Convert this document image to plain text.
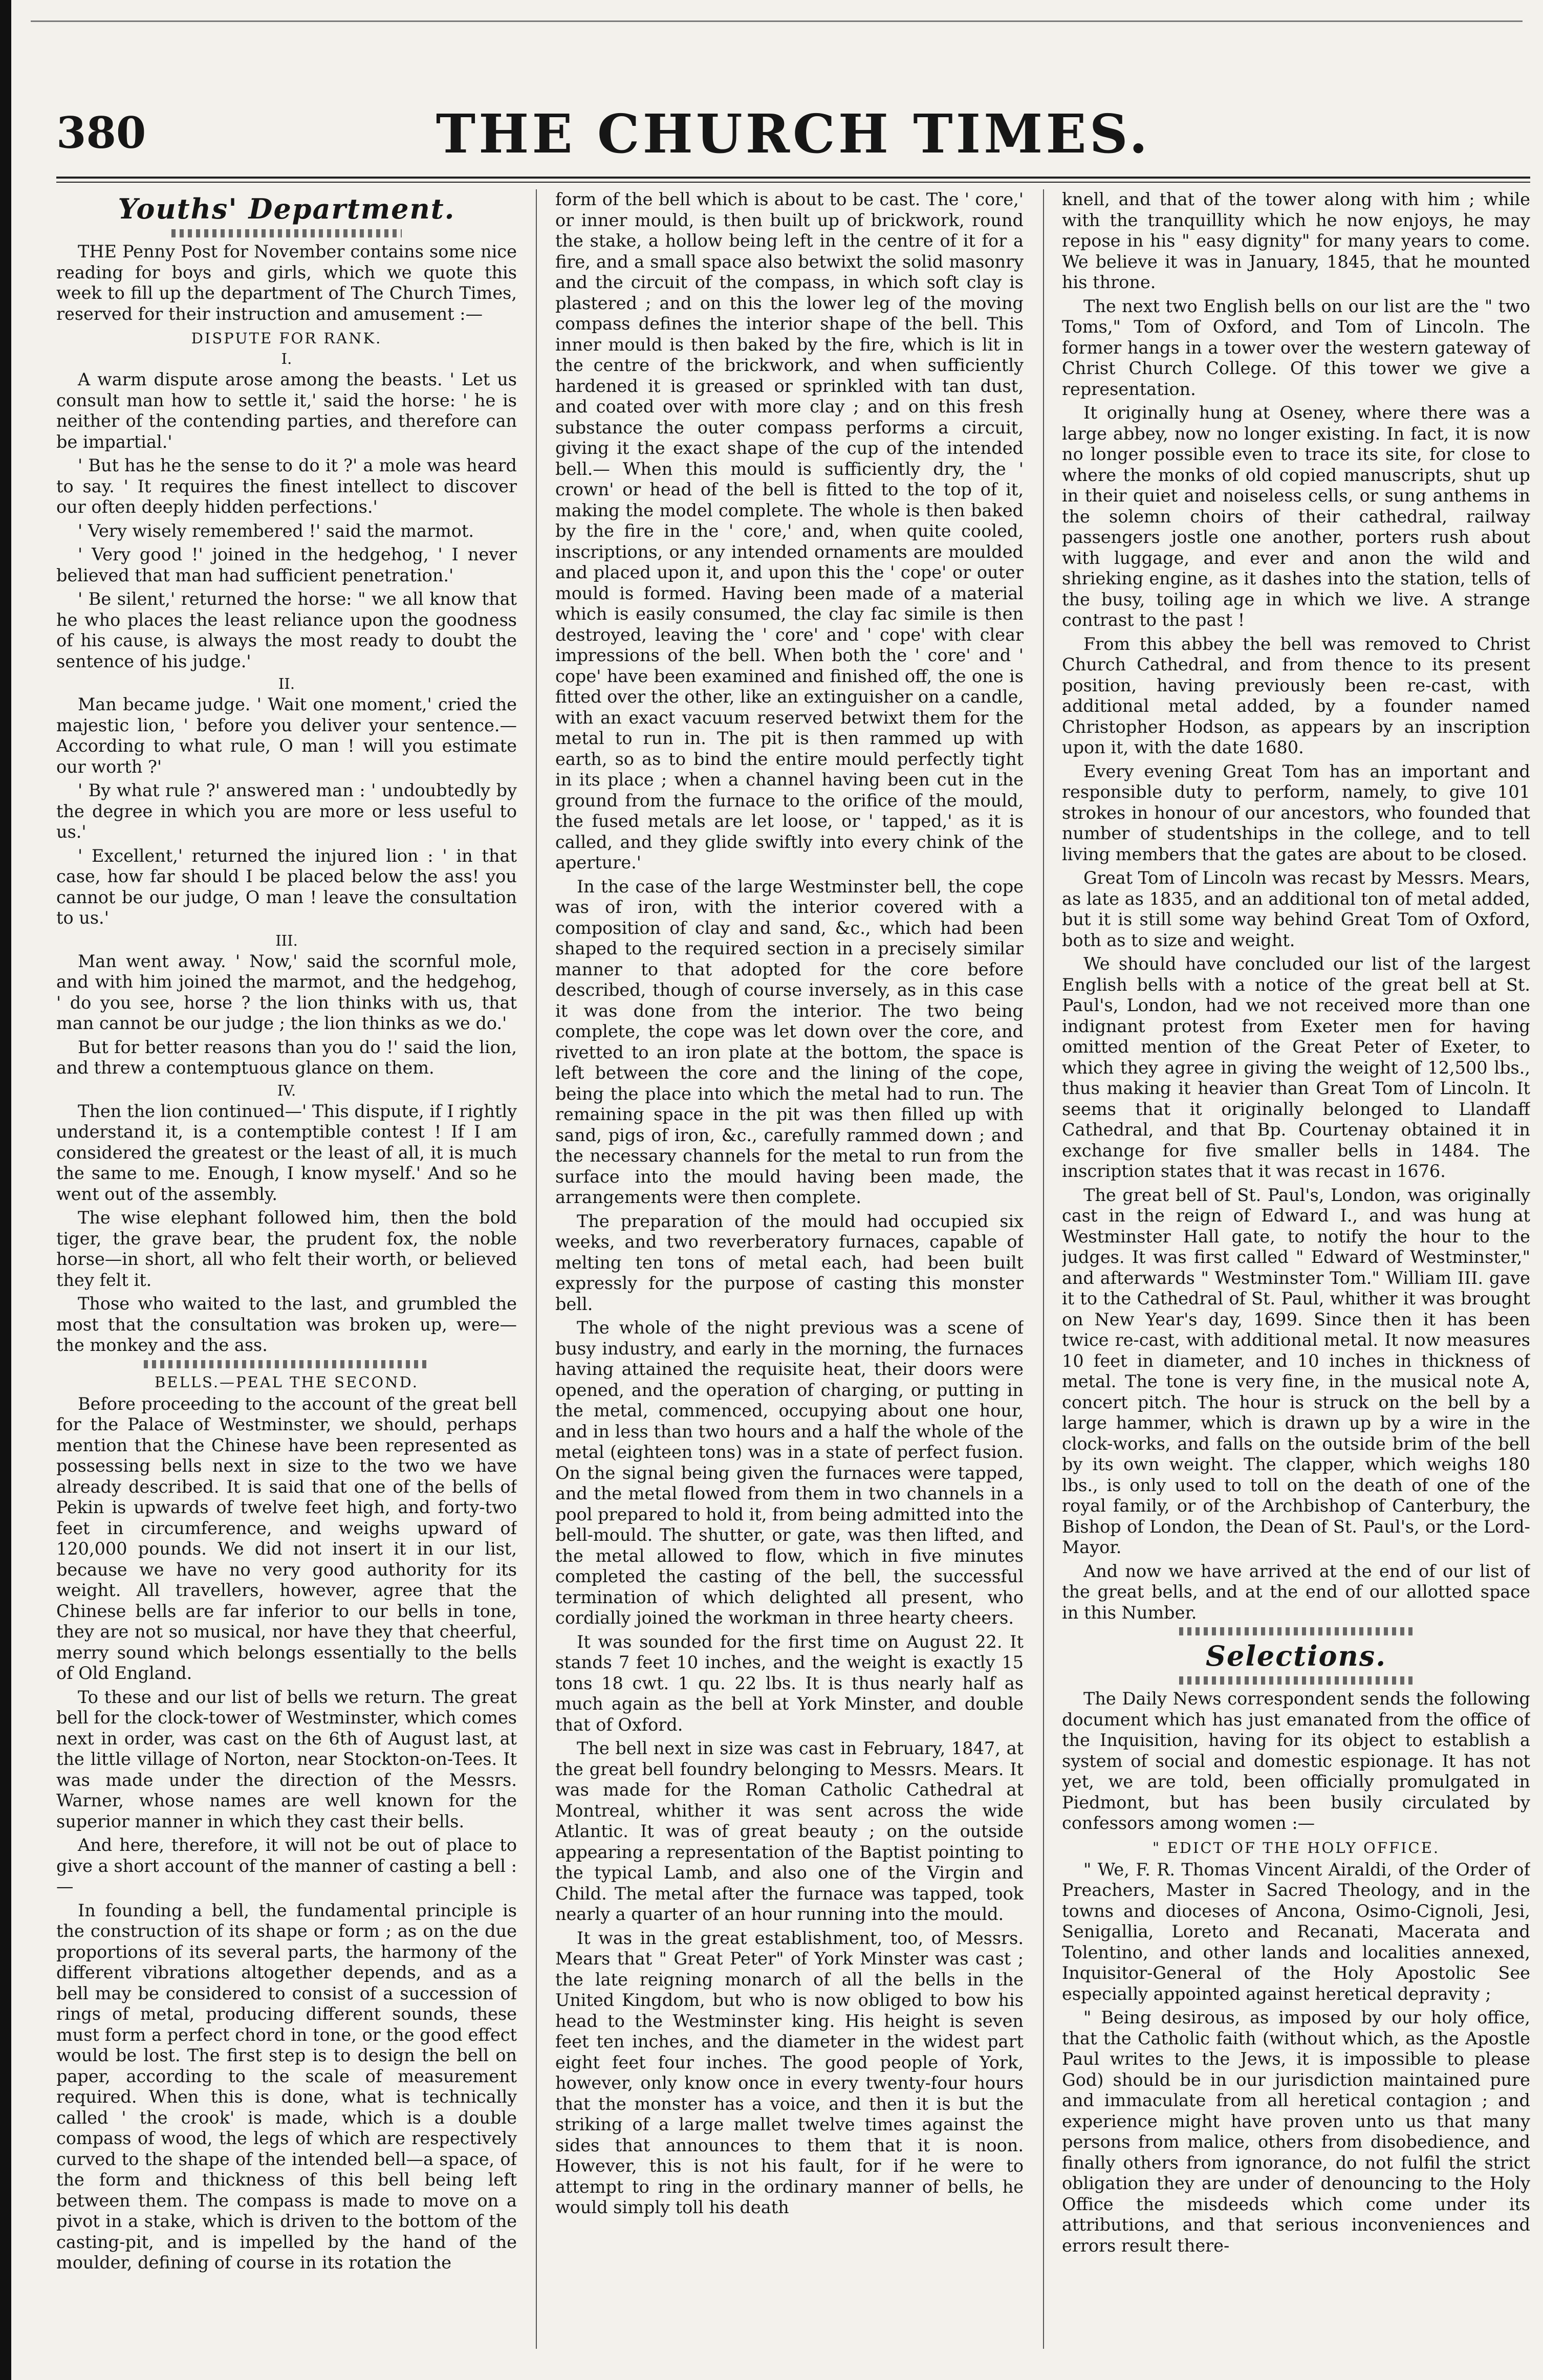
380	THE CHURCH TIMES.
Youths' Department.

THE Penny Post for November contains some nice reading for boys and girls, which we quote this week to fill up the department of The Church Times, reserved for their instruction and amusement :—

DISPUTE FOR RANK.
I.

A warm dispute arose among the beasts. ' Let us consult man how to settle it,' said the horse: ' he is neither of the contending parties, and therefore can be impartial.'

' But has he the sense to do it ?' a mole was heard to say. ' It requires the finest intellect to discover our often deeply hidden perfections.'

' Very wisely remembered !' said the marmot.

' Very good !' joined in the hedgehog, ' I never believed that man had sufficient penetration.'

' Be silent,' returned the horse: " we all know that he who places the least reliance upon the goodness of his cause, is always the most ready to doubt the sentence of his judge.'

II.

Man became judge. ' Wait one moment,' cried the majestic lion, ' before you deliver your sentence.— According to what rule, O man ! will you estimate our worth ?'

' By what rule ?' answered man : ' undoubtedly by the degree in which you are more or less useful to us.'

' Excellent,' returned the injured lion : ' in that case, how far should I be placed below the ass! you cannot be our judge, O man ! leave the consultation to us.'

III.

Man went away. ' Now,' said the scornful mole, and with him joined the marmot, and the hedgehog, ' do you see, horse ? the lion thinks with us, that man cannot be our judge ; the lion thinks as we do.'

But for better reasons than you do !' said the lion, and threw a contemptuous glance on them.

IV.

Then the lion continued—' This dispute, if I rightly understand it, is a contemptible contest ! If I am considered the greatest or the least of all, it is much the same to me. Enough, I know myself.' And so he went out of the assembly.

The wise elephant followed him, then the bold tiger, the grave bear, the prudent fox, the noble horse—in short, all who felt their worth, or believed they felt it.

Those who waited to the last, and grumbled the most that the consultation was broken up, were—the monkey and the ass.

BELLS.—PEAL THE SECOND.

Before proceeding to the account of the great bell for the Palace of Westminster, we should, perhaps mention that the Chinese have been represented as possessing bells next in size to the two we have already described. It is said that one of the bells of Pekin is upwards of twelve feet high, and forty-two feet in circumference, and weighs upward of 120,000 pounds. We did not insert it in our list, because we have no very good authority for its weight. All travellers, however, agree that the Chinese bells are far inferior to our bells in tone, they are not so musical, nor have they that cheerful, merry sound which belongs essentially to the bells of Old England.

To these and our list of bells we return. The great bell for the clock-tower of Westminster, which comes next in order, was cast on the 6th of August last, at the little village of Norton, near Stockton-on-Tees. It was made under the direction of the Messrs. Warner, whose names are well known for the superior manner in which they cast their bells.

And here, therefore, it will not be out of place to give a short account of the manner of casting a bell :—

In founding a bell, the fundamental principle is the construction of its shape or form ; as on the due proportions of its several parts, the harmony of the different vibrations altogether depends, and as a bell may be considered to consist of a succession of rings of metal, producing different sounds, these must form a perfect chord in tone, or the good effect would be lost. The first step is to design the bell on paper, according to the scale of measurement required. When this is done, what is technically called ' the crook' is made, which is a double compass of wood, the legs of which are respectively curved to the shape of the intended bell—a space, of the form and thickness of this bell being left between them. The compass is made to move on a pivot in a stake, which is driven to the bottom of the casting-pit, and is impelled by the hand of the moulder, defining of course in its rotation the

form of the bell which is about to be cast. The ' core,' or inner mould, is then built up of brickwork, round the stake, a hollow being left in the centre of it for a fire, and a small space also betwixt the solid masonry and the circuit of the compass, in which soft clay is plastered ; and on this the lower leg of the moving compass defines the interior shape of the bell. This inner mould is then baked by the fire, which is lit in the centre of the brickwork, and when sufficiently hardened it is greased or sprinkled with tan dust, and coated over with more clay ; and on this fresh substance the outer compass performs a circuit, giving it the exact shape of the cup of the intended bell.— When this mould is sufficiently dry, the ' crown' or head of the bell is fitted to the top of it, making the model complete. The whole is then baked by the fire in the ' core,' and, when quite cooled, inscriptions, or any intended ornaments are moulded and placed upon it, and upon this the ' cope' or outer mould is formed. Having been made of a material which is easily consumed, the clay fac simile is then destroyed, leaving the ' core' and ' cope' with clear impressions of the bell. When both the ' core' and ' cope' have been examined and finished off, the one is fitted over the other, like an extinguisher on a candle, with an exact vacuum reserved betwixt them for the metal to run in. The pit is then rammed up with earth, so as to bind the entire mould perfectly tight in its place ; when a channel having been cut in the ground from the furnace to the orifice of the mould, the fused metals are let loose, or ' tapped,' as it is called, and they glide swiftly into every chink of the aperture.'

In the case of the large Westminster bell, the cope was of iron, with the interior covered with a composition of clay and sand, &c., which had been shaped to the required section in a precisely similar manner to that adopted for the core before described, though of course inversely, as in this case it was done from the interior. The two being complete, the cope was let down over the core, and rivetted to an iron plate at the bottom, the space is left between the core and the lining of the cope, being the place into which the metal had to run. The remaining space in the pit was then filled up with sand, pigs of iron, &c., carefully rammed down ; and the necessary channels for the metal to run from the surface into the mould having been made, the arrangements were then complete.

The preparation of the mould had occupied six weeks, and two reverberatory furnaces, capable of melting ten tons of metal each, had been built expressly for the purpose of casting this monster bell.

The whole of the night previous was a scene of busy industry, and early in the morning, the furnaces having attained the requisite heat, their doors were opened, and the operation of charging, or putting in the metal, commenced, occupying about one hour, and in less than two hours and a half the whole of the metal (eighteen tons) was in a state of perfect fusion. On the signal being given the furnaces were tapped, and the metal flowed from them in two channels in a pool prepared to hold it, from being admitted into the bell-mould. The shutter, or gate, was then lifted, and the metal allowed to flow, which in five minutes completed the casting of the bell, the successful termination of which delighted all present, who cordially joined the workman in three hearty cheers.

It was sounded for the first time on August 22. It stands 7 feet 10 inches, and the weight is exactly 15 tons 18 cwt. 1 qu. 22 lbs. It is thus nearly half as much again as the bell at York Minster, and double that of Oxford.

The bell next in size was cast in February, 1847, at the great bell foundry belonging to Messrs. Mears. It was made for the Roman Catholic Cathedral at Montreal, whither it was sent across the wide Atlantic. It was of great beauty ; on the outside appearing a representation of the Baptist pointing to the typical Lamb, and also one of the Virgin and Child. The metal after the furnace was tapped, took nearly a quarter of an hour running into the mould.

It was in the great establishment, too, of Messrs. Mears that " Great Peter" of York Minster was cast ; the late reigning monarch of all the bells in the United Kingdom, but who is now obliged to bow his head to the Westminster king. His height is seven feet ten inches, and the diameter in the widest part eight feet four inches. The good people of York, however, only know once in every twenty-four hours that the monster has a voice, and then it is but the striking of a large mallet twelve times against the sides that announces to them that it is noon. However, this is not his fault, for if he were to attempt to ring in the ordinary manner of bells, he would simply toll his death

knell, and that of the tower along with him ; while with the tranquillity which he now enjoys, he may repose in his " easy dignity" for many years to come. We believe it was in January, 1845, that he mounted his throne.

The next two English bells on our list are the " two Toms," Tom of Oxford, and Tom of Lincoln. The former hangs in a tower over the western gateway of Christ Church College. Of this tower we give a representation.

It originally hung at Oseney, where there was a large abbey, now no longer existing. In fact, it is now no longer possible even to trace its site, for close to where the monks of old copied manuscripts, shut up in their quiet and noiseless cells, or sung anthems in the solemn choirs of their cathedral, railway passengers jostle one another, porters rush about with luggage, and ever and anon the wild and shrieking engine, as it dashes into the station, tells of the busy, toiling age in which we live. A strange contrast to the past !

From this abbey the bell was removed to Christ Church Cathedral, and from thence to its present position, having previously been re-cast, with additional metal added, by a founder named Christopher Hodson, as appears by an inscription upon it, with the date 1680.

Every evening Great Tom has an important and responsible duty to perform, namely, to give 101 strokes in honour of our ancestors, who founded that number of studentships in the college, and to tell living members that the gates are about to be closed.

Great Tom of Lincoln was recast by Messrs. Mears, as late as 1835, and an additional ton of metal added, but it is still some way behind Great Tom of Oxford, both as to size and weight.

We should have concluded our list of the largest English bells with a notice of the great bell at St. Paul's, London, had we not received more than one indignant protest from Exeter men for having omitted mention of the Great Peter of Exeter, to which they agree in giving the weight of 12,500 lbs., thus making it heavier than Great Tom of Lincoln. It seems that it originally belonged to Llandaff Cathedral, and that Bp. Courtenay obtained it in exchange for five smaller bells in 1484. The inscription states that it was recast in 1676.

The great bell of St. Paul's, London, was originally cast in the reign of Edward I., and was hung at Westminster Hall gate, to notify the hour to the judges. It was first called " Edward of Westminster," and afterwards " Westminster Tom." William III. gave it to the Cathedral of St. Paul, whither it was brought on New Year's day, 1699. Since then it has been twice re-cast, with additional metal. It now measures 10 feet in diameter, and 10 inches in thickness of metal. The tone is very fine, in the musical note A, concert pitch. The hour is struck on the bell by a large hammer, which is drawn up by a wire in the clock-works, and falls on the outside brim of the bell by its own weight. The clapper, which weighs 180 lbs., is only used to toll on the death of one of the royal family, or of the Archbishop of Canterbury, the Bishop of London, the Dean of St. Paul's, or the Lord-Mayor.

And now we have arrived at the end of our list of the great bells, and at the end of our allotted space in this Number.

Selections.

The Daily News correspondent sends the following document which has just emanated from the office of the Inquisition, having for its object to establish a system of social and domestic espionage. It has not yet, we are told, been officially promulgated in Piedmont, but has been busily circulated by confessors among women :—

" EDICT OF THE HOLY OFFICE.

" We, F. R. Thomas Vincent Airaldi, of the Order of Preachers, Master in Sacred Theology, and in the towns and dioceses of Ancona, Osimo-Cignoli, Jesi, Senigallia, Loreto and Recanati, Macerata and Tolentino, and other lands and localities annexed, Inquisitor-General of the Holy Apostolic See especially appointed against heretical depravity ;

" Being desirous, as imposed by our holy office, that the Catholic faith (without which, as the Apostle Paul writes to the Jews, it is impossible to please God) should be in our jurisdiction maintained pure and immaculate from all heretical contagion ; and experience might have proven unto us that many persons from malice, others from disobedience, and finally others from ignorance, do not fulfil the strict obligation they are under of denouncing to the Holy Office the misdeeds which come under its attributions, and that serious inconveniences and errors result there-
